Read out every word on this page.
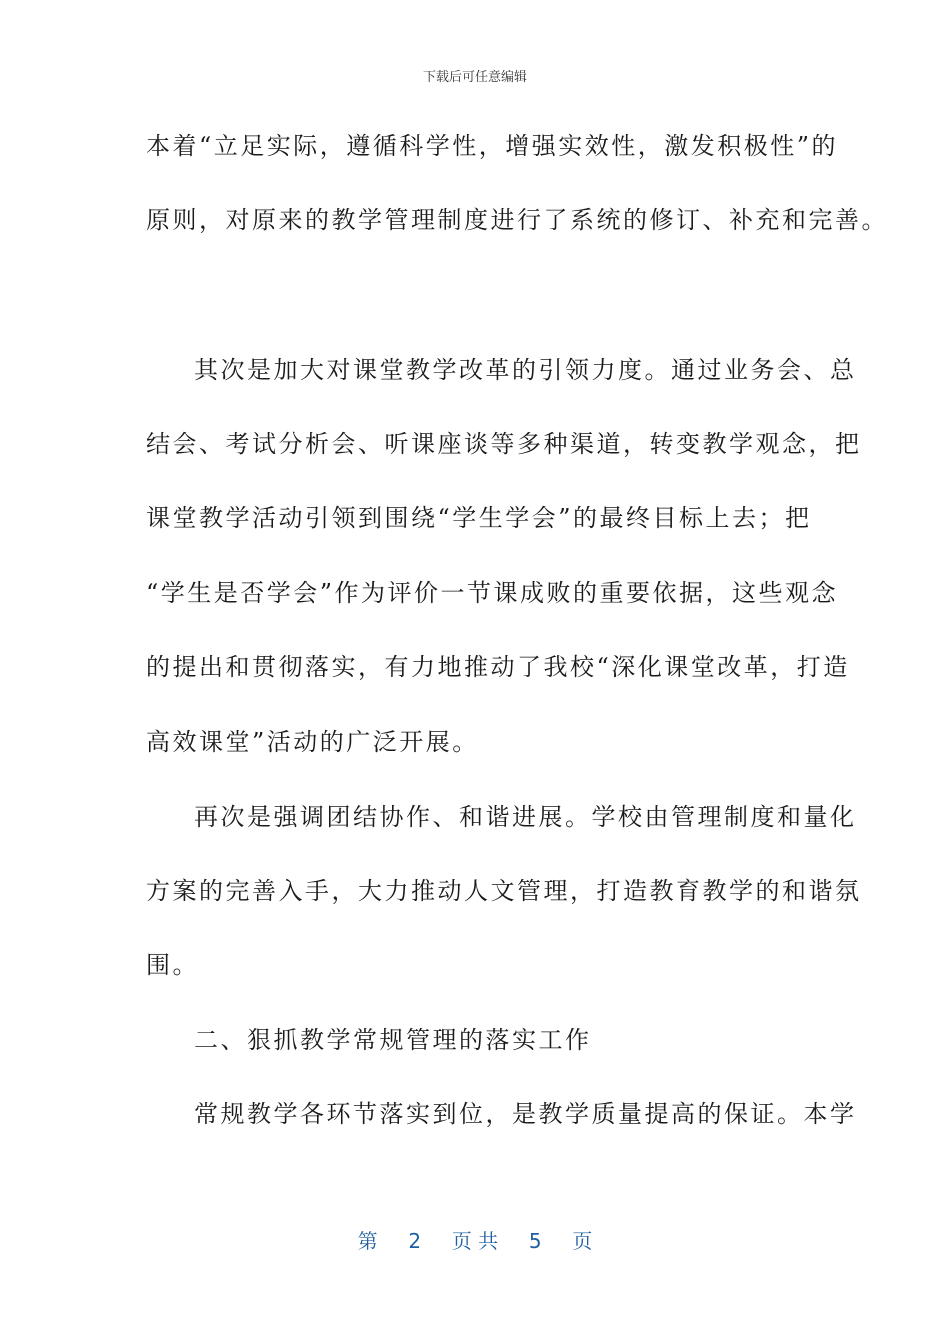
下载后可任意编辑
本着“立足实际，遵循科学性，增强实效性，激发积极性”的
原则，对原来的教学管理制度进行了系统的修订、补充和完善。
其次是加大对课堂教学改革的引领力度。通过业务会、总
结会、考试分析会、听课座谈等多种渠道，转变教学观念，把
课堂教学活动引领到围绕“学生学会”的最终目标上去；把
“学生是否学会”作为评价一节课成败的重要依据，这些观念
的提出和贯彻落实，有力地推动了我校“深化课堂改革，打造
高效课堂”活动的广泛开展。
再次是强调团结协作、和谐进展。学校由管理制度和量化
方案的完善入手，大力推动人文管理，打造教育教学的和谐氛
围。
二、狠抓教学常规管理的落实工作
常规教学各环节落实到位，是教学质量提高的保证。本学
第 2 页 共 5 页
